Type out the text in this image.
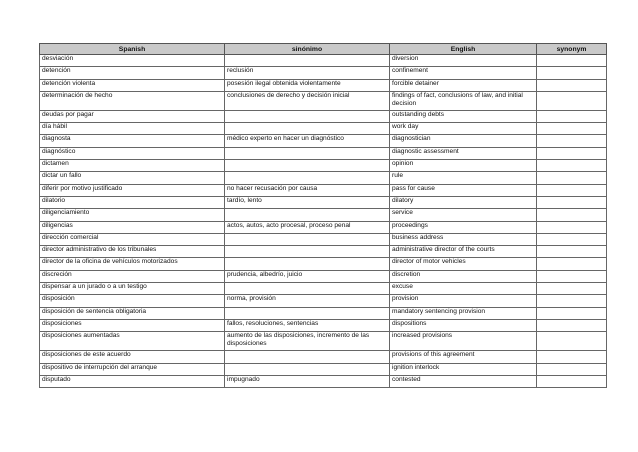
Spanish	sinónimo	English	synonym
desviación		diversion	
detención	reclusión	confinement	
detención violenta	posesión ilegal obtenida violentamente	forcible detainer	
determinación de hecho	conclusiones de derecho y decisión inicial	findings of fact, conclusions of law, and initial decision	
deudas por pagar		outstanding debts	
día hábil		work day	
diagnosta	médico experto en hacer un diagnóstico	diagnostician	
diagnóstico		diagnostic assessment	
dictamen		opinion	
dictar un fallo		rule	
diferir por motivo justificado	no hacer recusación por causa	pass for cause	
dilatorio	tardío, lento	dilatory	
diligenciamiento		service	
diligencias	actos, autos, acto procesal, proceso penal	proceedings	
dirección comercial		business address	
director administrativo de los tribunales		administrative director of the courts	
director de la oficina de vehículos motorizados		director of motor vehicles	
discreción	prudencia, albedrío, juicio	discretion	
dispensar a un jurado o a un testigo		excuse	
disposición	norma, provisión	provision	
disposición de sentencia obligatoria		mandatory sentencing provision	
disposiciones	fallos, resoluciones, sentencias	dispositions	
disposiciones aumentadas	aumento de las disposiciones, incremento de las disposiciones	increased provisions	
disposiciones de este acuerdo		provisions of this agreement	
dispositivo de interrupción del arranque		ignition interlock	
disputado	impugnado	contested	
